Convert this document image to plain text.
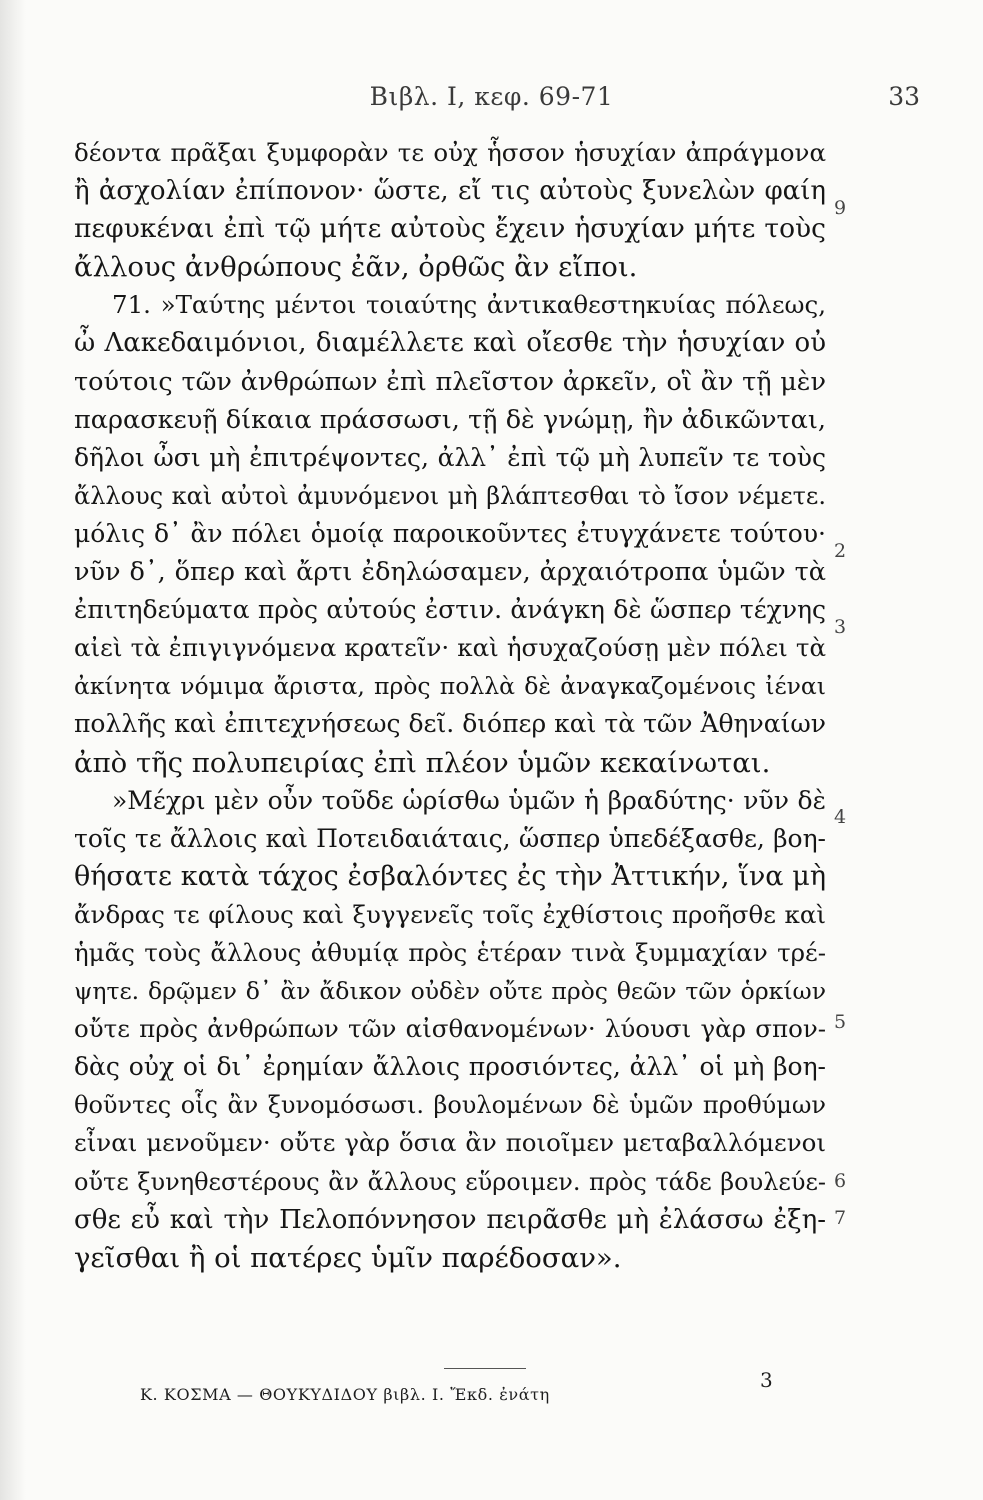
Βιβλ. Ι, κεφ. 69-71	33
δέοντα πρᾶξαι ξυμφορὰν τε οὐχ ἧσσον ἡσυχίαν ἀπράγμονα
ἢ ἀσχολίαν ἐπίπονον· ὥστε, εἴ τις αὐτοὺς ξυνελὼν φαίη
πεφυκέναι ἐπὶ τῷ μήτε αὐτοὺς ἔχειν ἡσυχίαν μήτε τοὺς
ἄλλους ἀνθρώπους ἐᾶν, ὀρθῶς ἂν εἴποι.
71. »Ταύτης μέντοι τοιαύτης ἀντικαθεστηκυίας πόλεως,
ὦ Λακεδαιμόνιοι, διαμέλλετε καὶ οἴεσθε τὴν ἡσυχίαν οὐ
τούτοις τῶν ἀνθρώπων ἐπὶ πλεῖστον ἀρκεῖν, οἳ ἂν τῇ μὲν
παρασκευῇ δίκαια πράσσωσι, τῇ δὲ γνώμῃ, ἢν ἀδικῶνται,
δῆλοι ὦσι μὴ ἐπιτρέψοντες, ἀλλ᾽ ἐπὶ τῷ μὴ λυπεῖν τε τοὺς
ἄλλους καὶ αὐτοὶ ἀμυνόμενοι μὴ βλάπτεσθαι τὸ ἴσον νέμετε.
μόλις δ᾽ ἂν πόλει ὁμοίᾳ παροικοῦντες ἐτυγχάνετε τούτου·
νῦν δ᾽, ὅπερ καὶ ἄρτι ἐδηλώσαμεν, ἀρχαιότροπα ὑμῶν τὰ
ἐπιτηδεύματα πρὸς αὐτούς ἐστιν. ἀνάγκη δὲ ὥσπερ τέχνης
αἰεὶ τὰ ἐπιγιγνόμενα κρατεῖν· καὶ ἡσυχαζούσῃ μὲν πόλει τὰ
ἀκίνητα νόμιμα ἄριστα, πρὸς πολλὰ δὲ ἀναγκαζομένοις ἰέναι
πολλῆς καὶ ἐπιτεχνήσεως δεῖ. διόπερ καὶ τὰ τῶν Ἀθηναίων
ἀπὸ τῆς πολυπειρίας ἐπὶ πλέον ὑμῶν κεκαίνωται.
»Μέχρι μὲν οὖν τοῦδε ὡρίσθω ὑμῶν ἡ βραδύτης· νῦν δὲ
τοῖς τε ἄλλοις καὶ Ποτειδαιάταις, ὥσπερ ὑπεδέξασθε, βοη-
θήσατε κατὰ τάχος ἐσβαλόντες ἐς τὴν Ἀττικήν, ἵνα μὴ
ἄνδρας τε φίλους καὶ ξυγγενεῖς τοῖς ἐχθίστοις προῆσθε καὶ
ἡμᾶς τοὺς ἄλλους ἀθυμίᾳ πρὸς ἑτέραν τινὰ ξυμμαχίαν τρέ-
ψητε. δρῷμεν δ᾽ ἂν ἄδικον οὐδὲν οὔτε πρὸς θεῶν τῶν ὁρκίων
οὔτε πρὸς ἀνθρώπων τῶν αἰσθανομένων· λύουσι γὰρ σπον-
δὰς οὐχ οἱ δι᾽ ἐρημίαν ἄλλοις προσιόντες, ἀλλ᾽ οἱ μὴ βοη-
θοῦντες οἷς ἂν ξυνομόσωσι. βουλομένων δὲ ὑμῶν προθύμων
εἶναι μενοῦμεν· οὔτε γὰρ ὅσια ἂν ποιοῖμεν μεταβαλλόμενοι
οὔτε ξυνηθεστέρους ἂν ἄλλους εὕροιμεν. πρὸς τάδε βουλεύε-
σθε εὖ καὶ τὴν Πελοπόννησον πειρᾶσθε μὴ ἐλάσσω ἐξη-
γεῖσθαι ἢ οἱ πατέρες ὑμῖν παρέδοσαν».
9
2
3
4
5
6
7
Κ. ΚΟΣΜΑ — ΘΟΥΚΥΔΙΔΟΥ βιβλ. Ι. Ἔκδ. ἐνάτη
3
